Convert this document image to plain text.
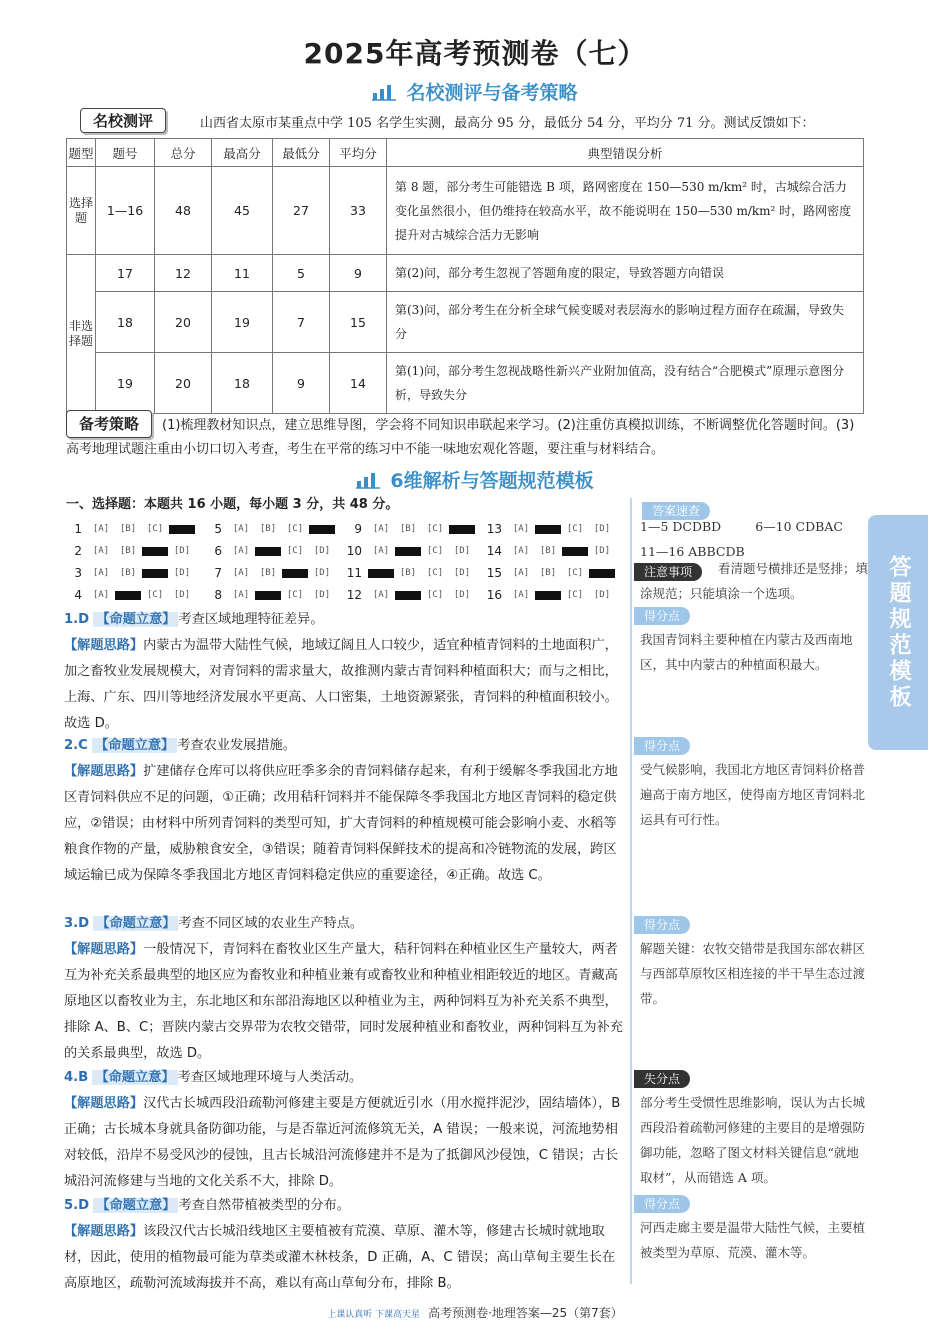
2025年高考预测卷（七）
名校测评与备考策略
名校测评	山西省太原市某重点中学 105 名学生实测，最高分 95 分，最低分 54 分，平均分 71 分。测试反馈如下：
题型	题号	总分	最高分	最低分	平均分	典型错误分析
选择题	1—16	48	45	27	33	第 8 题，部分考生可能错选 B 项，路网密度在 150—530 m/km² 时，古城综合活力变化虽然很小，但仍维持在较高水平，故不能说明在 150—530 m/km² 时，路网密度提升对古城综合活力无影响
非选择题	17	12	11	5	9	第(2)问，部分考生忽视了答题角度的限定，导致答题方向错误
	18	20	19	7	15	第(3)问，部分考生在分析全球气候变暖对表层海水的影响过程方面存在疏漏，导致失分
	19	20	18	9	14	第(1)问，部分考生忽视战略性新兴产业附加值高，没有结合“合肥模式”原理示意图分析，导致失分
备考策略 (1)梳理教材知识点，建立思维导图，学会将不同知识串联起来学习。(2)注重仿真模拟训练，不断调整优化答题时间。(3)高考地理试题注重由小切口切入考查，考生在平常的练习中不能一味地宏观化答题，要注重与材料结合。
6维解析与答题规范模板
一、选择题：本题共 16 小题，每小题 3 分，共 48 分。
1	[A]	[B]	[C]	5	[A]	[B]	[C]	9	[A]	[B]	[C]	13	[A]	[C]	[D]
2	[A]	[B]	[D]	6	[A]	[C]	[D]	10	[A]	[C]	[D]	14	[A]	[B]	[D]
3	[A]	[B]	[D]	7	[A]	[B]	[D]	11	[B]	[C]	[D]	15	[A]	[B]	[C]
4	[A]	[C]	[D]	8	[A]	[C]	[D]	12	[A]	[C]	[D]	16	[A]	[C]	[D]
答案速查
1—5 DCDBD	6—10 CDBAC
11—16 ABBCDB
注意事项	看清题号横排还是竖排；填涂规范；只能填涂一个选项。	答题规范模板

1.D 【命题立意】 考查区域地理特征差异。

【解题思路】内蒙古为温带大陆性气候，地域辽阔且人口较少，适宜种植青饲料的土地面积广，加之畜牧业发展规模大，对青饲料的需求量大，故推测内蒙古青饲料种植面积大；而与之相比，上海、广东、四川等地经济发展水平更高、人口密集，土地资源紧张，青饲料的种植面积较小。故选 D。

2.C 【命题立意】 考查农业发展措施。

【解题思路】扩建储存仓库可以将供应旺季多余的青饲料储存起来，有利于缓解冬季我国北方地区青饲料供应不足的问题，①正确；改用秸秆饲料并不能保障冬季我国北方地区青饲料的稳定供应，②错误；由材料中所列青饲料的类型可知，扩大青饲料的种植规模可能会影响小麦、水稻等粮食作物的产量，威胁粮食安全，③错误；随着青饲料保鲜技术的提高和冷链物流的发展，跨区域运输已成为保障冬季我国北方地区青饲料稳定供应的重要途径，④正确。故选 C。

3.D 【命题立意】 考查不同区域的农业生产特点。

【解题思路】一般情况下，青饲料在畜牧业区生产量大，秸秆饲料在种植业区生产量较大，两者互为补充关系最典型的地区应为畜牧业和种植业兼有或畜牧业和种植业相距较近的地区。青藏高原地区以畜牧业为主，东北地区和东部沿海地区以种植业为主，两种饲料互为补充关系不典型，排除 A、B、C；晋陕内蒙古交界带为农牧交错带，同时发展种植业和畜牧业，两种饲料互为补充的关系最典型，故选 D。

4.B 【命题立意】 考查区域地理环境与人类活动。

【解题思路】汉代古长城西段沿疏勒河修建主要是方便就近引水（用水搅拌泥沙，固结墙体），B 正确；古长城本身就具备防御功能，与是否靠近河流修筑无关，A 错误；一般来说，河流地势相对较低，沿岸不易受风沙的侵蚀，且古长城沿河流修建并不是为了抵御风沙侵蚀，C 错误；古长城沿河流修建与当地的文化关系不大，排除 D。

5.D 【命题立意】 考查自然带植被类型的分布。

【解题思路】该段汉代古长城沿线地区主要植被有荒漠、草原、灌木等，修建古长城时就地取材，因此，使用的植物最可能为草类或灌木林枝条，D 正确，A、C 错误；高山草甸主要生长在高原地区，疏勒河流域海拔并不高，难以有高山草甸分布，排除 B。

得分点
我国青饲料主要种植在内蒙古及西南地区，其中内蒙古的种植面积最大。
得分点
受气候影响，我国北方地区青饲料价格普遍高于南方地区，使得南方地区青饲料北运具有可行性。
得分点
解题关键：农牧交错带是我国东部农耕区与西部草原牧区相连接的半干旱生态过渡带。
失分点
部分考生受惯性思维影响，误认为古长城西段沿着疏勒河修建的主要目的是增强防御功能，忽略了图文材料关键信息“就地取材”，从而错选 A 项。
得分点
河西走廊主要是温带大陆性气候，主要植被类型为草原、荒漠、灌木等。
上课认真听 下课高天星 高考预测卷·地理答案—25（第7套）
